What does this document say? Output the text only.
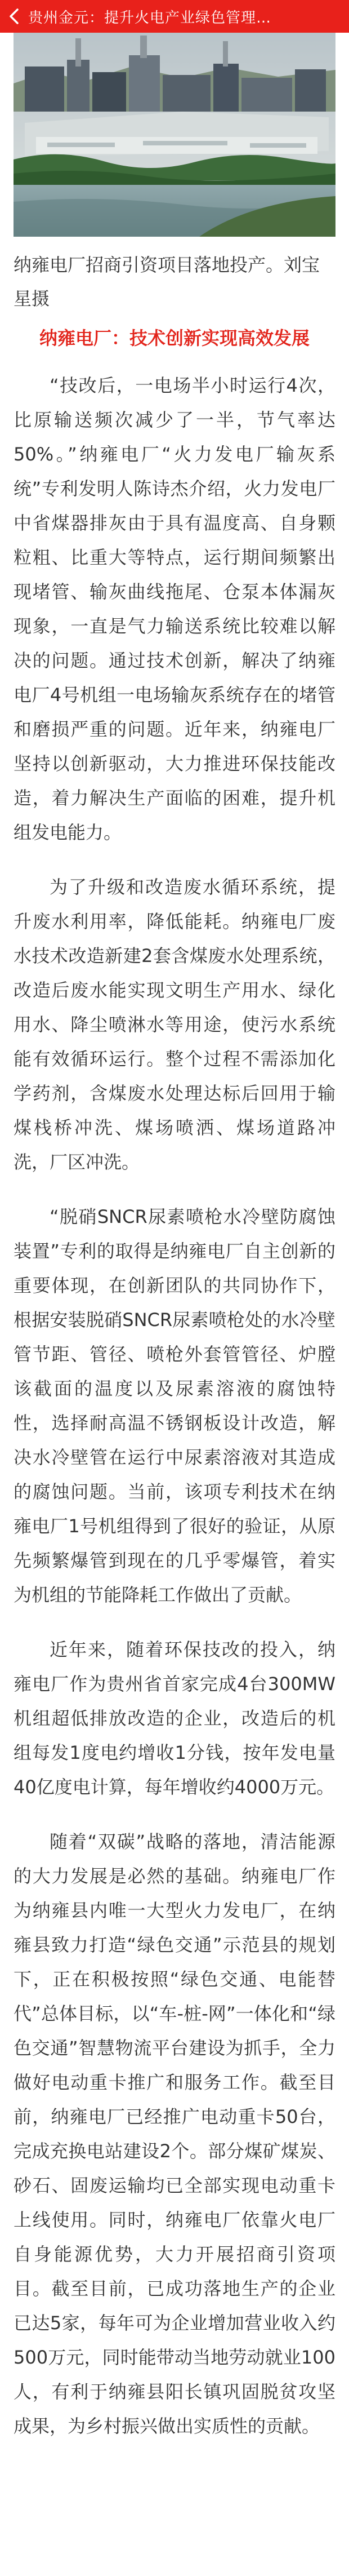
贵州金元：提升火电产业绿色管理…

纳雍电厂招商引资项目落地投产。刘宝星摄

纳雍电厂：技术创新实现高效发展

“技改后，一电场半小时运行4次，比原输送频次减少了一半，节气率达50%。”纳雍电厂“火力发电厂输灰系统”专利发明人陈诗杰介绍，火力发电厂中省煤器排灰由于具有温度高、自身颗粒粗、比重大等特点，运行期间频繁出现堵管、输灰曲线拖尾、仓泵本体漏灰现象，一直是气力输送系统比较难以解决的问题。通过技术创新，解决了纳雍电厂4号机组一电场输灰系统存在的堵管和磨损严重的问题。近年来，纳雍电厂坚持以创新驱动，大力推进环保技能改造，着力解决生产面临的困难，提升机组发电能力。

为了升级和改造废水循环系统，提升废水利用率，降低能耗。纳雍电厂废水技术改造新建2套含煤废水处理系统，改造后废水能实现文明生产用水、绿化用水、降尘喷淋水等用途，使污水系统能有效循环运行。整个过程不需添加化学药剂，含煤废水处理达标后回用于输煤栈桥冲洗、煤场喷洒、煤场道路冲洗，厂区冲洗。

“脱硝SNCR尿素喷枪水冷壁防腐蚀装置”专利的取得是纳雍电厂自主创新的重要体现，在创新团队的共同协作下，根据安装脱硝SNCR尿素喷枪处的水冷壁管节距、管径、喷枪外套管管径、炉膛该截面的温度以及尿素溶液的腐蚀特性，选择耐高温不锈钢板设计改造，解决水冷壁管在运行中尿素溶液对其造成的腐蚀问题。当前，该项专利技术在纳雍电厂1号机组得到了很好的验证，从原先频繁爆管到现在的几乎零爆管，着实为机组的节能降耗工作做出了贡献。

近年来，随着环保技改的投入，纳雍电厂作为贵州省首家完成4台300MW机组超低排放改造的企业，改造后的机组每发1度电约增收1分钱，按年发电量40亿度电计算，每年增收约4000万元。

随着“双碳”战略的落地，清洁能源的大力发展是必然的基础。纳雍电厂作为纳雍县内唯一大型火力发电厂，在纳雍县致力打造“绿色交通”示范县的规划下，正在积极按照“绿色交通、电能替代”总体目标，以“车-桩-网”一体化和“绿色交通”智慧物流平台建设为抓手，全力做好电动重卡推广和服务工作。截至目前，纳雍电厂已经推广电动重卡50台，完成充换电站建设2个。部分煤矿煤炭、砂石、固废运输均已全部实现电动重卡上线使用。同时，纳雍电厂依靠火电厂自身能源优势，大力开展招商引资项目。截至目前，已成功落地生产的企业已达5家，每年可为企业增加营业收入约500万元，同时能带动当地劳动就业100人，有利于纳雍县阳长镇巩固脱贫攻坚成果，为乡村振兴做出实质性的贡献。
